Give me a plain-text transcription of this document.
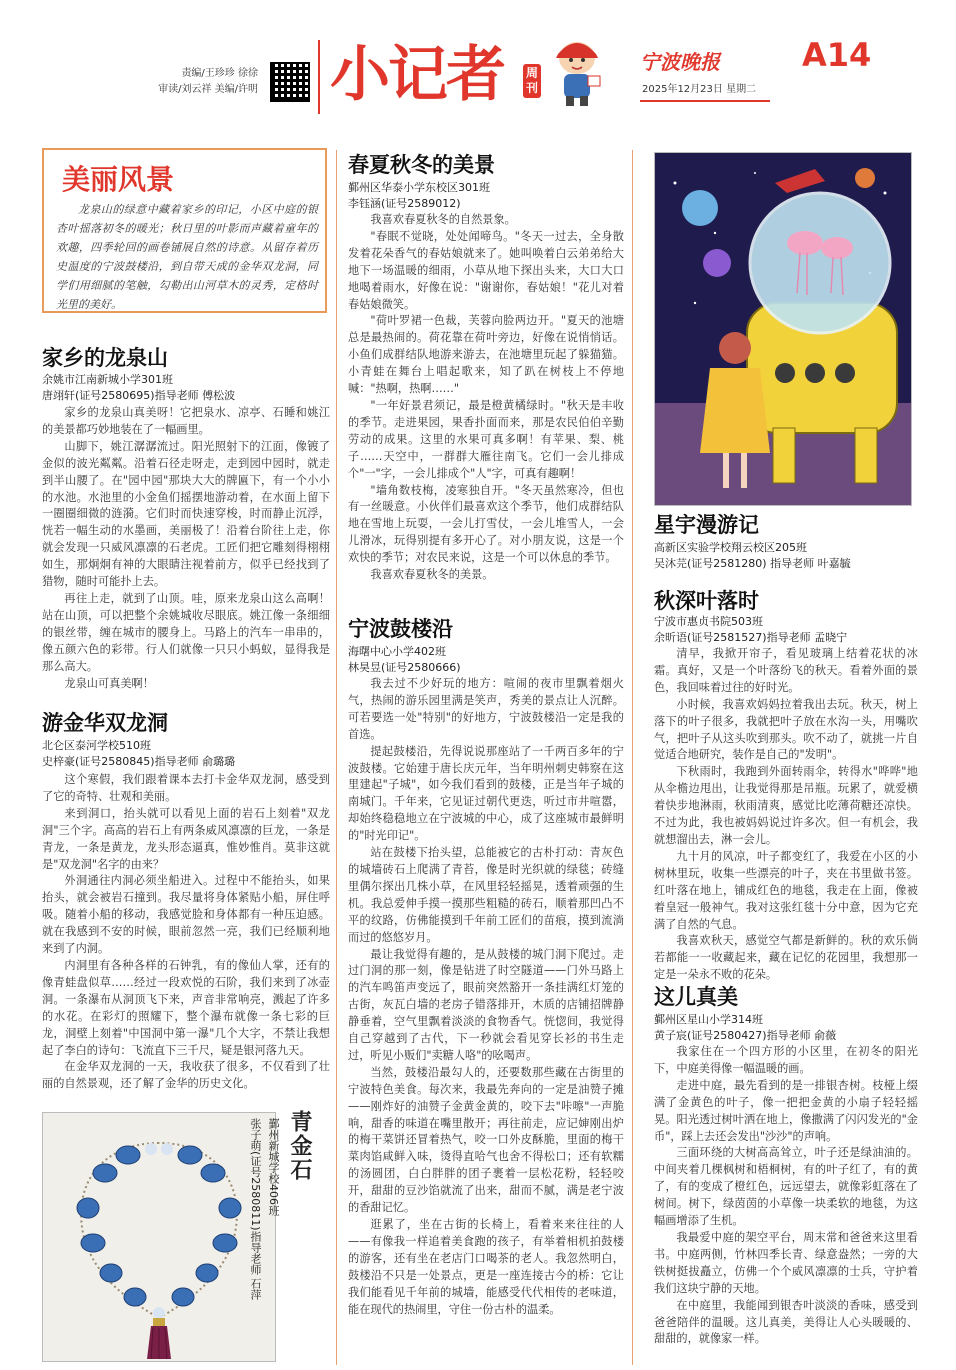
责编/王珍珍 徐徐
审读/刘云祥 美编/许明 小记者 周刊
宁波晚报	A14
2025年12月23日 星期二
美丽风景
龙泉山的绿意中藏着家乡的印记，小区中庭的银杏叶摇落初冬的暖光；秋日里的叶影而声藏着童年的欢趣，四季轮回的画卷铺展自然的诗意。从留存着历史温度的宁波鼓楼沿，到自带天成的金华双龙洞，同学们用细腻的笔触，勾勒出山河草木的灵秀，定格时光里的美好。
家乡的龙泉山
余姚市江南新城小学301班
唐翊轩(证号2580695)指导老师 傅松波

家乡的龙泉山真美呀！它把泉水、凉亭、石睡和姚江的美景都巧妙地装在了一幅画里。

山脚下，姚江潺潺流过。阳光照射下的江面，像镀了金似的波光粼粼。沿着石径走呀走，走到园中园时，就走到半山腰了。在"园中园"那块大大的牌匾下，有一个小小的水池。水池里的小金鱼们摇摆地游动着，在水面上留下一圈圈细微的涟漪。它们时而快速穿梭，时而静止沉浮，恍若一幅生动的水墨画，美丽极了！沿着台阶往上走，你就会发现一只威风凛凛的石老虎。工匠们把它雕刻得栩栩如生，那炯炯有神的大眼睛注视着前方，似乎已经找到了猎物，随时可能扑上去。

再往上走，就到了山顶。哇，原来龙泉山这么高啊！站在山顶，可以把整个余姚城收尽眼底。姚江像一条细细的银丝带，缠在城市的腰身上。马路上的汽车一串串的，像五颜六色的彩带。行人们就像一只只小蚂蚁，显得我是那么高大。

龙泉山可真美啊！

游金华双龙洞
北仑区泰河学校510班
史梓豪(证号2580845)指导老师 俞璐璐

这个寒假，我们跟着课本去打卡金华双龙洞，感受到了它的奇特、壮观和美丽。

来到洞口，抬头就可以看见上面的岩石上刻着"双龙洞"三个字。高高的岩石上有两条威风凛凛的巨龙，一条是青龙，一条是黄龙，龙头形态逼真，惟妙惟肖。莫非这就是"双龙洞"名字的由来？

外洞通往内洞必须坐船进入。过程中不能抬头，如果抬头，就会被岩石撞到。我尽量将身体紧贴小船，屏住呼吸。随着小船的移动，我感觉脸和身体都有一种压迫感。就在我感到不安的时候，眼前忽然一亮，我们已经顺利地来到了内洞。

内洞里有各种各样的石钟乳，有的像仙人掌，还有的像青蛙盘似草……经过一段欢悦的石阶，我们来到了冰壶洞。一条瀑布从洞顶飞下来，声音非常响亮，溅起了许多的水花。在彩灯的照耀下，整个瀑布就像一条七彩的巨龙，洞壁上刻着"中国洞中第一瀑"几个大字，不禁让我想起了李白的诗句：飞流直下三千尺，疑是银河落九天。

在金华双龙洞的一天，我收获了很多，不仅看到了壮丽的自然景观，还了解了金华的历史文化。

青金石
鄞州新城学校406班
张子萌(证号2580811)指导老师 石萍
春夏秋冬的美景
鄞州区华泰小学东校区301班
李钰涵(证号2589012)

我喜欢春夏秋冬的自然景象。

"春眠不觉晓，处处闻啼鸟。"冬天一过去，全身散发着花朵香气的春姑娘就来了。她叫唤着白云弟弟给大地下一场温暖的细雨，小草从地下探出头来，大口大口地喝着雨水，好像在说："谢谢你，春姑娘！"花儿对着春姑娘微笑。

"荷叶罗裙一色裁，芙蓉向脸两边开。"夏天的池塘总是最热闹的。荷花靠在荷叶旁边，好像在说悄悄话。小鱼们成群结队地游来游去，在池塘里玩起了躲猫猫。小青蛙在舞台上唱起歌来，知了趴在树枝上不停地喊："热啊，热啊……"

"一年好景君须记，最是橙黄橘绿时。"秋天是丰收的季节。走进果园，果香扑面而来，那是农民伯伯辛勤劳动的成果。这里的水果可真多啊！有苹果、梨、桃子……天空中，一群群大雁往南飞。它们一会儿排成个"一"字，一会儿排成个"人"字，可真有趣啊！

"墙角数枝梅，凌寒独自开。"冬天虽然寒冷，但也有一丝暖意。小伙伴们最喜欢这个季节，他们成群结队地在雪地上玩耍，一会儿打雪仗，一会儿堆雪人，一会儿滑冰，玩得别提有多开心了。对小朋友说，这是一个欢快的季节；对农民来说，这是一个可以休息的季节。

我喜欢春夏秋冬的美景。

宁波鼓楼沿
海曙中心小学402班
林昊昱(证号2580666)

我去过不少好玩的地方：喧闹的夜市里飘着烟火气，热闹的游乐园里满是笑声，秀美的景点让人沉醉。可若要选一处"特别"的好地方，宁波鼓楼沿一定是我的首选。

提起鼓楼沿，先得说说那座站了一千两百多年的宁波鼓楼。它始建于唐长庆元年，当年明州刺史韩察在这里建起"子城"，如今我们看到的鼓楼，正是当年子城的南城门。千年来，它见证过朝代更迭，听过市井喧嚣，却始终稳稳地立在宁波城的中心，成了这座城市最鲜明的"时光印记"。

站在鼓楼下抬头望，总能被它的古朴打动：青灰色的城墙砖石上爬满了青苔，像是时光织就的绿毯；砖缝里偶尔探出几株小草，在风里轻轻摇晃，透着顽强的生机。我总爱伸手摸一摸那些粗糙的砖石，顺着那凹凸不平的纹路，仿佛能摸到千年前工匠们的苗痕，摸到流淌而过的悠悠岁月。

最让我觉得有趣的，是从鼓楼的城门洞下爬过。走过门洞的那一刻，像是钻进了时空隧道——门外马路上的汽车鸣笛声变远了，眼前突然豁开一条挂满红灯笼的古街，灰瓦白墙的老房子错落排开，木质的店铺招牌静静垂着，空气里飘着淡淡的食物香气。恍惚间，我觉得自己穿越到了古代，下一秒就会看见穿长衫的书生走过，听见小贩们"卖糖人咯"的吆喝声。

当然，鼓楼沿最勾人的，还要数那些藏在古街里的宁波特色美食。每次来，我最先奔向的一定是油赞子摊——刚炸好的油赞子金黄金黄的，咬下去"咔嚓"一声脆响，甜香的味道在嘴里散开；再往前走，应记婶刚出炉的梅干菜饼还冒着热气，咬一口外皮酥脆，里面的梅干菜肉馅咸鲜入味，烫得直哈气也舍不得松口；还有软糯的汤圆团，白白胖胖的团子裹着一层松花粉，轻轻咬开，甜甜的豆沙馅就流了出来，甜而不腻，满是老宁波的香甜记忆。

逛累了，坐在古街的长椅上，看着来来往往的人——有像我一样追着美食跑的孩子，有举着相机拍鼓楼的游客，还有坐在老店门口喝茶的老人。我忽然明白，鼓楼沿不只是一处景点，更是一座连接古今的桥：它让我们能看见千年前的城墙，能感受代代相传的老味道，能在现代的热闹里，守住一份古朴的温柔。

星宇漫游记
高新区实验学校翔云校区205班
吴沐芫(证号2581280) 指导老师 叶嘉毓
秋深叶落时
宁波市惠贞书院503班
余昕语(证号2581527)指导老师 孟晓宁

清早，我掀开帘子，看见玻璃上结着花状的冰霜。真好，又是一个叶落纷飞的秋天。看着外面的景色，我回味着过往的好时光。

小时候，我喜欢妈妈拉着我出去玩。秋天，树上落下的叶子很多，我就把叶子放在水沟一头，用嘴吹气，把叶子从这头吹到那头。吹不动了，就挑一片自觉适合地研究，装作是自己的"发明"。

下秋雨时，我跑到外面转雨伞，转得水"哗哗"地从伞檐边甩出，让我觉得那是吊瓶。玩累了，就爱横着快步地淋雨，秋雨清爽，感觉比吃薄荷糖还凉快。不过为此，我也被妈妈说过许多次。但一有机会，我就想溜出去，淋一会儿。

九十月的风凉，叶子都变红了，我爱在小区的小树林里玩，收集一些漂亮的叶子，夹在书里做书签。红叶落在地上，铺成红色的地毯，我走在上面，像被着皇冠一般神气。我对这张红毯十分中意，因为它充满了自然的气息。

我喜欢秋天，感觉空气都是新鲜的。秋的欢乐倘若都能一一收藏起来，藏在记忆的花园里，我想那一定是一朵永不败的花朵。

这儿真美
鄞州区星山小学314班
黄子宸(证号2580427)指导老师 俞薇

我家住在一个四方形的小区里，在初冬的阳光下，中庭美得像一幅温暖的画。

走进中庭，最先看到的是一排银杏树。枝桠上缀满了金黄色的叶子，像一把把金黄的小扇子轻轻摇晃。阳光透过树叶洒在地上，像撒满了闪闪发光的"金币"，踩上去还会发出"沙沙"的声响。

三面环绕的大树高高耸立，叶子还是绿油油的。中间夹着几棵枫树和梧桐树，有的叶子红了，有的黄了，有的变成了橙红色，远远望去，就像彩虹落在了树间。树下，绿茵茵的小草像一块柔软的地毯，为这幅画增添了生机。

我最爱中庭的架空平台，周末常和爸爸来这里看书。中庭两侧，竹林四季长青、绿意盎然；一旁的大铁树挺拔矗立，仿佛一个个威风凛凛的士兵，守护着我们这块宁静的天地。

在中庭里，我能闻到银杏叶淡淡的香味，感受到爸爸陪伴的温暖。这儿真美，美得让人心头暖暖的、甜甜的，就像家一样。
